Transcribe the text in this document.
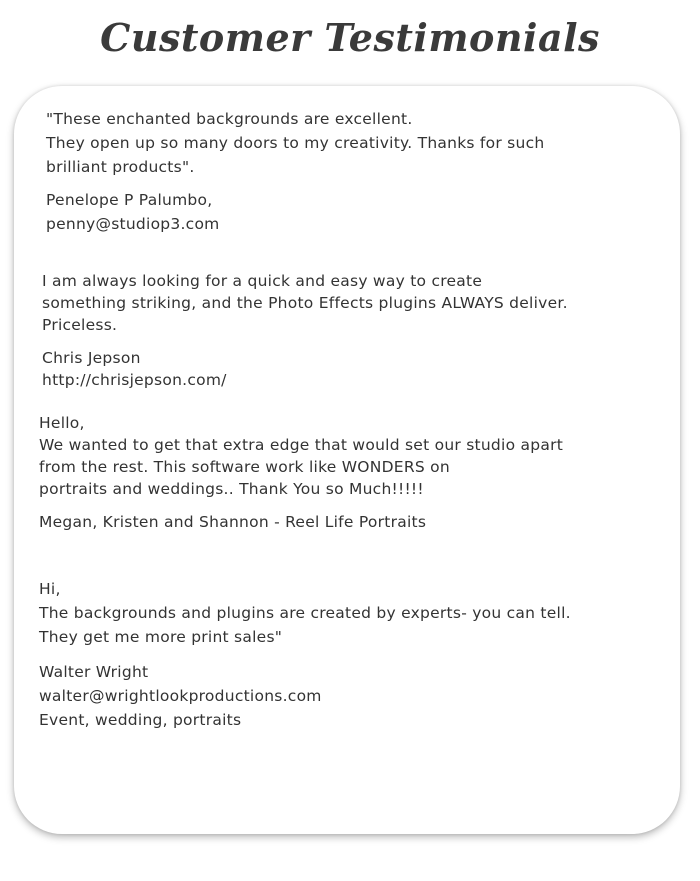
Customer Testimonials
"These enchanted backgrounds are excellent.
They open up so many doors to my creativity. Thanks for such
brilliant products".
Penelope P Palumbo,
penny@studiop3.com
I am always looking for a quick and easy way to create
something striking, and the Photo Effects plugins ALWAYS deliver.
Priceless.
Chris Jepson
http://chrisjepson.com/
Hello,
We wanted to get that extra edge that would set our studio apart
from the rest. This software work like WONDERS on
portraits and weddings.. Thank You so Much!!!!!
Megan, Kristen and Shannon - Reel Life Portraits
Hi,
The backgrounds and plugins are created by experts- you can tell.
They get me more print sales"
Walter Wright
walter@wrightlookproductions.com
Event, wedding, portraits
